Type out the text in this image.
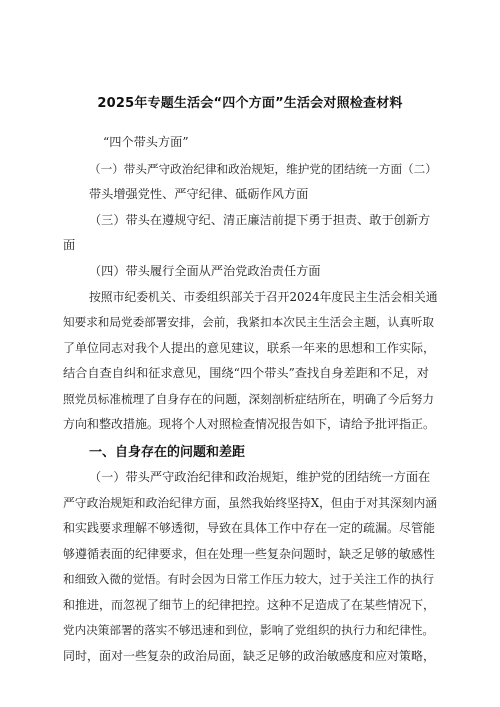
2025年专题生活会“四个方面”生活会对照检查材料
“四个带头方面”
（一）带头严守政治纪律和政治规矩，维护党的团结统一方面（二）
带头增强党性、严守纪律、砥砺作风方面
（三）带头在遵规守纪、清正廉洁前提下勇于担责、敢于创新方
面
（四）带头履行全面从严治党政治责任方面
按照市纪委机关、市委组织部关于召开2024年度民主生活会相关通
知要求和局党委部署安排，会前，我紧扣本次民主生活会主题，认真听取
了单位同志对我个人提出的意见建议，联系一年来的思想和工作实际，
结合自查自纠和征求意见，围绕“四个带头”查找自身差距和不足，对
照党员标准梳理了自身存在的问题，深刻剖析症结所在，明确了今后努力
方向和整改措施。现将个人对照检查情况报告如下，请给予批评指正。
一、自身存在的问题和差距
（一）带头严守政治纪律和政治规矩，维护党的团结统一方面在
严守政治规矩和政治纪律方面，虽然我始终坚持X，但由于对其深刻内涵
和实践要求理解不够透彻，导致在具体工作中存在一定的疏漏。尽管能
够遵循表面的纪律要求，但在处理一些复杂问题时，缺乏足够的敏感性
和细致入微的觉悟。有时会因为日常工作压力较大，过于关注工作的执行
和推进，而忽视了细节上的纪律把控。这种不足造成了在某些情况下，
党内决策部署的落实不够迅速和到位，影响了党组织的执行力和纪律性。
同时，面对一些复杂的政治局面，缺乏足够的政治敏感度和应对策略，
